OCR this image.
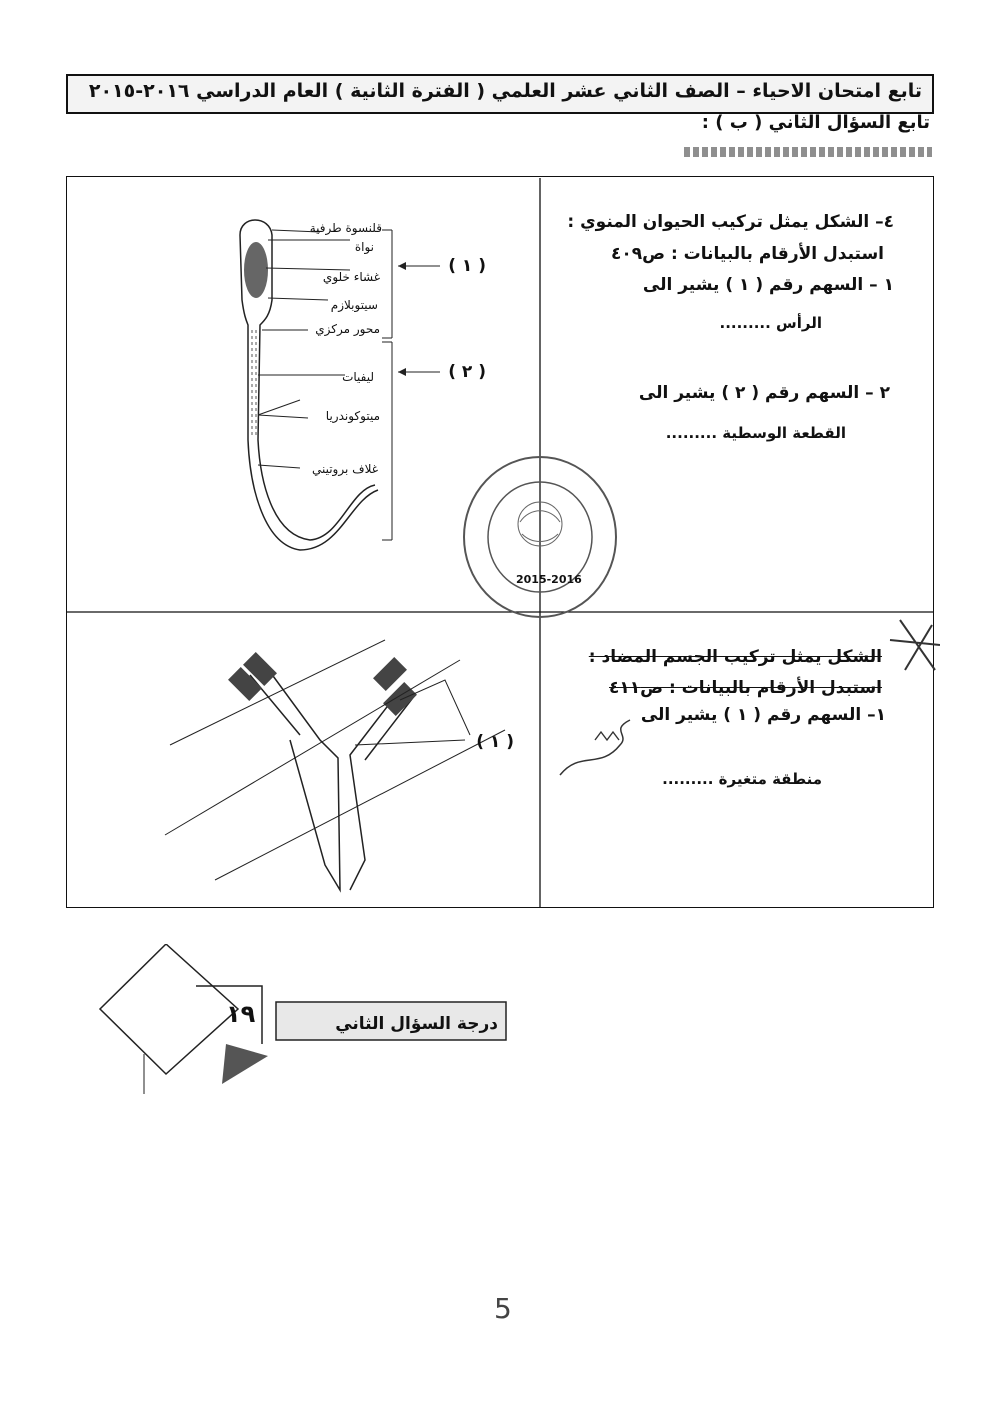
تابع امتحان الاحياء – الصف الثاني عشر العلمي ( الفترة الثانية ) العام الدراسي ٢٠١٦-٢٠١٥
تابع السؤال الثاني ( ب ) :
٤– الشكل يمثل تركيب الحيوان المنوي :
استبدل الأرقام بالبيانات : ص٤٠٩
١ – السهم رقم ( ١ ) يشير الى
الرأس .........
٢ – السهم رقم ( ٢ ) يشير الى
القطعة الوسطية .........
الشكل يمثل تركيب الجسم المضاد :
استبدل الأرقام بالبيانات : ص٤١١
١– السهم رقم ( ١ ) يشير الى
منطقة متغيرة .........
قلنسوة طرفية
نواة
غشاء خلوي
سيتوبلازم
محور مركزي
ليفيات
ميتوكوندريا
غلاف بروتيني
( ١ )
( ٢ )
( ١ )
2015-2016
١٩	درجة السؤال الثاني
5
